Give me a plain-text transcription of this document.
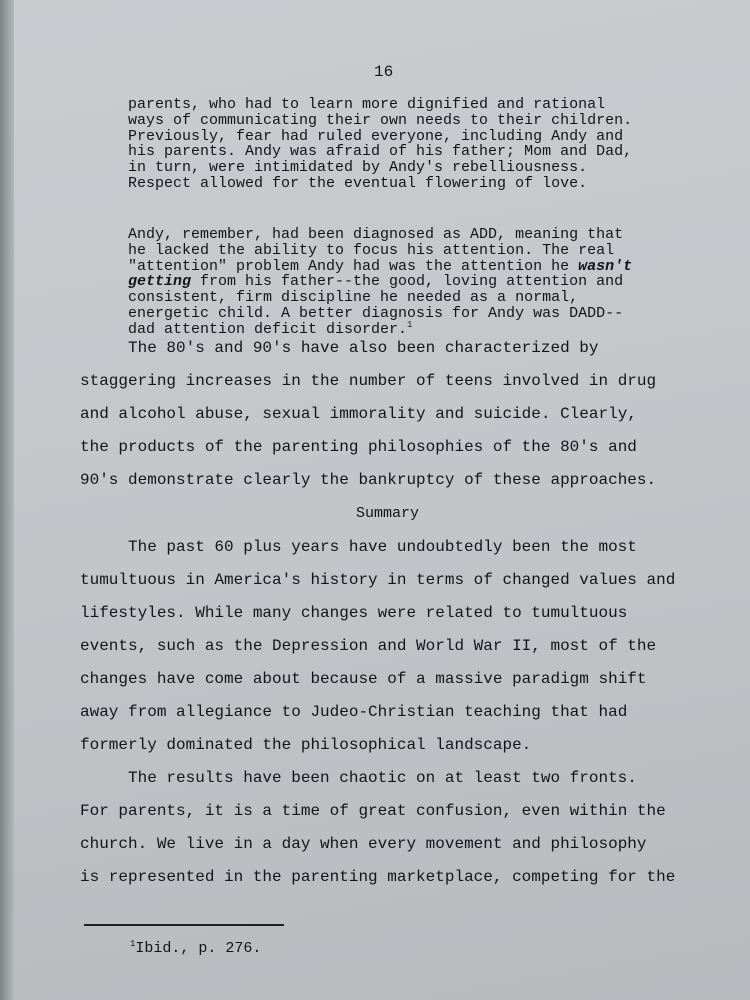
16
parents, who had to learn more dignified and rational
ways of communicating their own needs to their children.
Previously, fear had ruled everyone, including Andy and
his parents. Andy was afraid of his father; Mom and Dad,
in turn, were intimidated by Andy's rebelliousness.
Respect allowed for the eventual flowering of love.
Andy, remember, had been diagnosed as ADD, meaning that
he lacked the ability to focus his attention. The real
"attention" problem Andy had was the attention he wasn't
getting from his father--the good, loving attention and
consistent, firm discipline he needed as a normal,
energetic child. A better diagnosis for Andy was DADD--
dad attention deficit disorder.$^1$
The 80's and 90's have also been characterized by
staggering increases in the number of teens involved in drug
and alcohol abuse, sexual immorality and suicide. Clearly,
the products of the parenting philosophies of the 80's and
90's demonstrate clearly the bankruptcy of these approaches.
Summary
The past 60 plus years have undoubtedly been the most
tumultuous in America's history in terms of changed values and
lifestyles. While many changes were related to tumultuous
events, such as the Depression and World War II, most of the
changes have come about because of a massive paradigm shift
away from allegiance to Judeo-Christian teaching that had
formerly dominated the philosophical landscape.
The results have been chaotic on at least two fronts.
For parents, it is a time of great confusion, even within the
church. We live in a day when every movement and philosophy
is represented in the parenting marketplace, competing for the
$^1$Ibid., p. 276.
